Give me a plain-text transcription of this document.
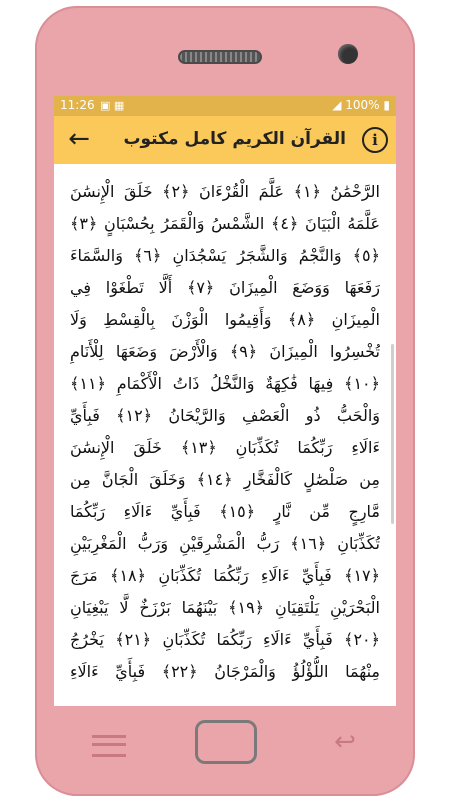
11:26 ▣ ▦	◢ 100% ▮
←	القرآن الكريم كامل مكتوب	i
الرَّحْمَٰنُ ﴿١﴾ عَلَّمَ الْقُرْءَانَ ﴿٢﴾ خَلَقَ الْإِنسَٰنَ
عَلَّمَهُ الْبَيَانَ ﴿٤﴾ الشَّمْسُ وَالْقَمَرُ بِحُسْبَانٍ ﴿٣﴾
﴿٥﴾ وَالنَّجْمُ وَالشَّجَرُ يَسْجُدَانِ ﴿٦﴾ وَالسَّمَاءَ
رَفَعَهَا وَوَضَعَ الْمِيزَانَ ﴿٧﴾ أَلَّا تَطْغَوْا فِي
الْمِيزَانِ ﴿٨﴾ وَأَقِيمُوا الْوَزْنَ بِالْقِسْطِ وَلَا
تُخْسِرُوا الْمِيزَانَ ﴿٩﴾ وَالْأَرْضَ وَضَعَهَا لِلْأَنَامِ
﴿١٠﴾ فِيهَا فَٰكِهَةٌ وَالنَّخْلُ ذَاتُ الْأَكْمَامِ ﴿١١﴾
وَالْحَبُّ ذُو الْعَصْفِ وَالرَّيْحَانُ ﴿١٢﴾ فَبِأَيِّ
ءَالَاءِ رَبِّكُمَا تُكَذِّبَانِ ﴿١٣﴾ خَلَقَ الْإِنسَٰنَ
مِن صَلْصَٰلٍ كَالْفَخَّارِ ﴿١٤﴾ وَخَلَقَ الْجَانَّ مِن
مَّارِجٍ مِّن نَّارٍ ﴿١٥﴾ فَبِأَيِّ ءَالَاءِ رَبِّكُمَا
تُكَذِّبَانِ ﴿١٦﴾ رَبُّ الْمَشْرِقَيْنِ وَرَبُّ الْمَغْرِبَيْنِ
﴿١٧﴾ فَبِأَيِّ ءَالَاءِ رَبِّكُمَا تُكَذِّبَانِ ﴿١٨﴾ مَرَجَ
الْبَحْرَيْنِ يَلْتَقِيَانِ ﴿١٩﴾ بَيْنَهُمَا بَرْزَخٌ لَّا يَبْغِيَانِ
﴿٢٠﴾ فَبِأَيِّ ءَالَاءِ رَبِّكُمَا تُكَذِّبَانِ ﴿٢١﴾ يَخْرُجُ
مِنْهُمَا اللُّؤْلُؤُ وَالْمَرْجَانُ ﴿٢٢﴾ فَبِأَيِّ ءَالَاءِ
↩
